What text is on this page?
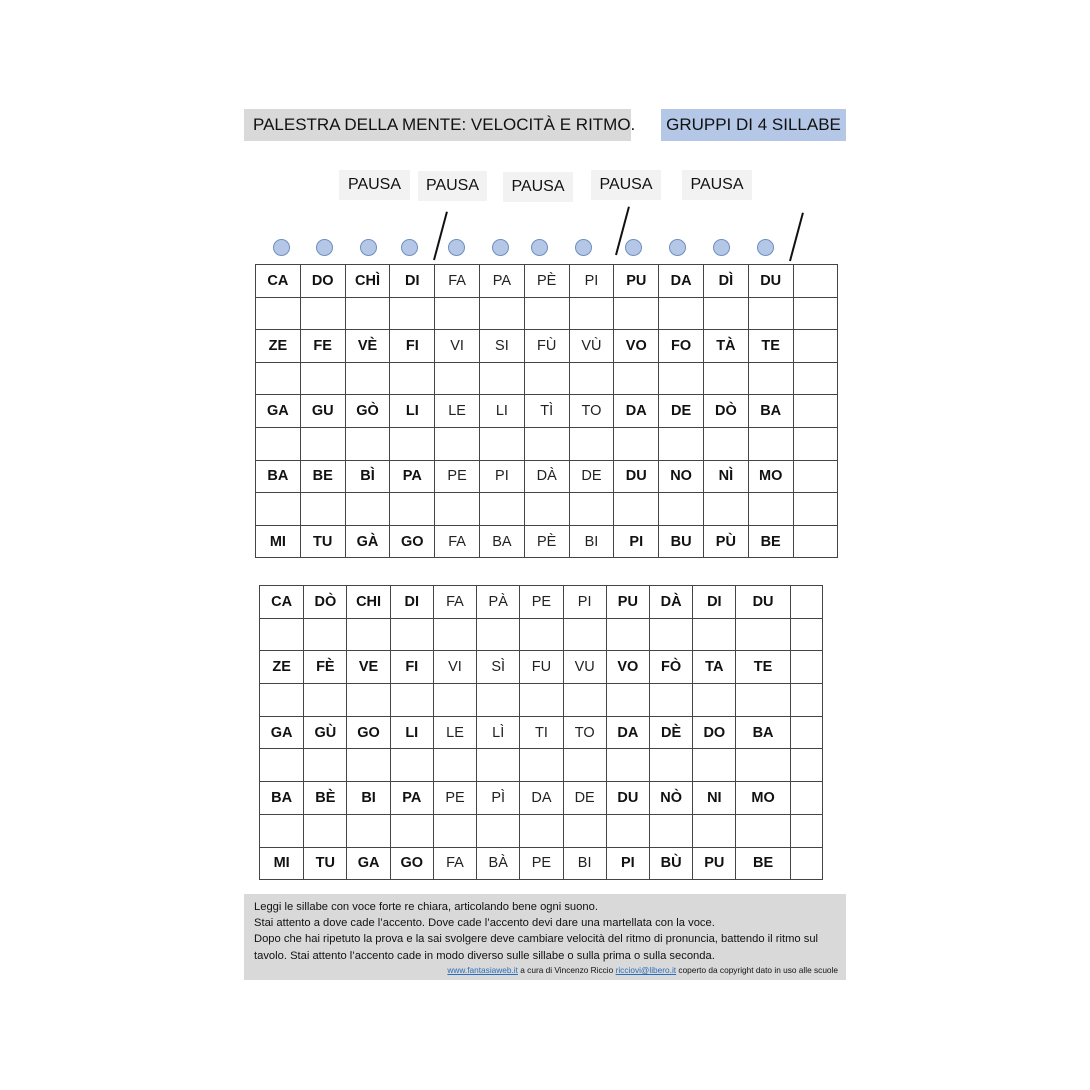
PALESTRA DELLA MENTE: VELOCITÀ E RITMO. GRUPPI DI 4 SILLABE
PAUSA	PAUSA	PAUSA	PAUSA	PAUSA
CA	DO	CHÌ	DI	FA	PA	PÈ	PI	PU	DA	DÌ	DU	

ZE	FE	VÈ	FI	VI	SI	FÙ	VÙ	VO	FO	TÀ	TE	

GA	GU	GÒ	LI	LE	LI	TÌ	TO	DA	DE	DÒ	BA	

BA	BE	BÌ	PA	PE	PI	DÀ	DE	DU	NO	NÌ	MO	

MI	TU	GÀ	GO	FA	BA	PÈ	BI	PI	BU	PÙ	BE	
CA	DÒ	CHI	DI	FA	PÀ	PE	PI	PU	DÀ	DI	DU	

ZE	FÈ	VE	FI	VI	SÌ	FU	VU	VO	FÒ	TA	TE	

GA	GÙ	GO	LI	LE	LÌ	TI	TO	DA	DÈ	DO	BA	

BA	BÈ	BI	PA	PE	PÌ	DA	DE	DU	NÒ	NI	MO	

MI	TU	GA	GO	FA	BÀ	PE	BI	PI	BÙ	PU	BE	

Leggi le sillabe con voce forte re chiara, articolando bene ogni suono.

Stai attento a dove cade l’accento. Dove cade l’accento devi dare una martellata con la voce.

Dopo che hai ripetuto la prova e la sai svolgere deve cambiare velocità del ritmo di pronuncia, battendo il ritmo sul tavolo. Stai attento l’accento cade in modo diverso sulle sillabe o sulla prima o sulla seconda.

www.fantasiaweb.it a cura di Vincenzo Riccio ricciovi@libero.it coperto da copyright dato in uso alle scuole
